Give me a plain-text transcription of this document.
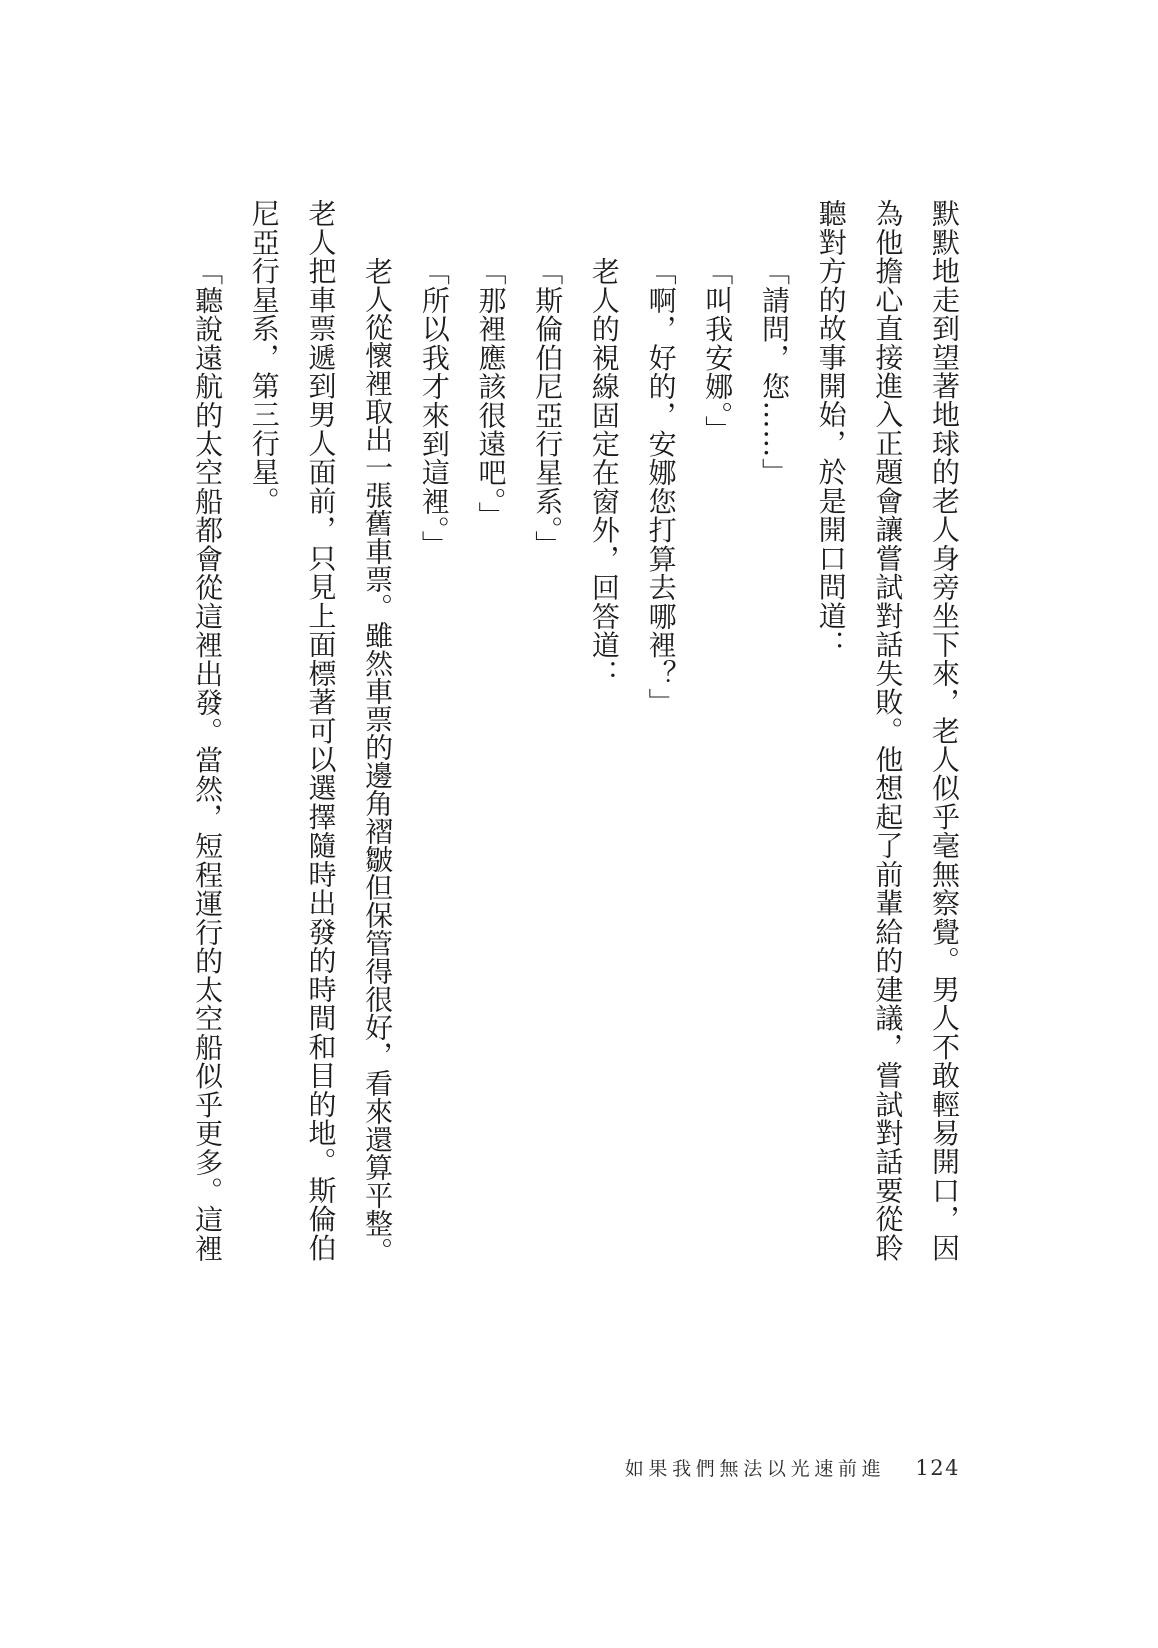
默默地走到望著地球的老人身旁坐下來，老人似乎毫無察覺。男人不敢輕易開口，因
為他擔心直接進入正題會讓嘗試對話失敗。他想起了前輩給的建議，嘗試對話要從聆
聽對方的故事開始，於是開口問道：
「請問，您……」
「叫我安娜。」
「啊，好的，安娜您打算去哪裡？」
老人的視線固定在窗外，回答道：
「斯倫伯尼亞行星系。」
「那裡應該很遠吧。」
「所以我才來到這裡。」
老人從懷裡取出一張舊車票。雖然車票的邊角褶皺但保管得很好，看來還算平整。
老人把車票遞到男人面前，只見上面標著可以選擇隨時出發的時間和目的地。斯倫伯
尼亞行星系，第三行星。
「聽說遠航的太空船都會從這裡出發。當然，短程運行的太空船似乎更多。這裡
如果我們無法以光速前進 124
